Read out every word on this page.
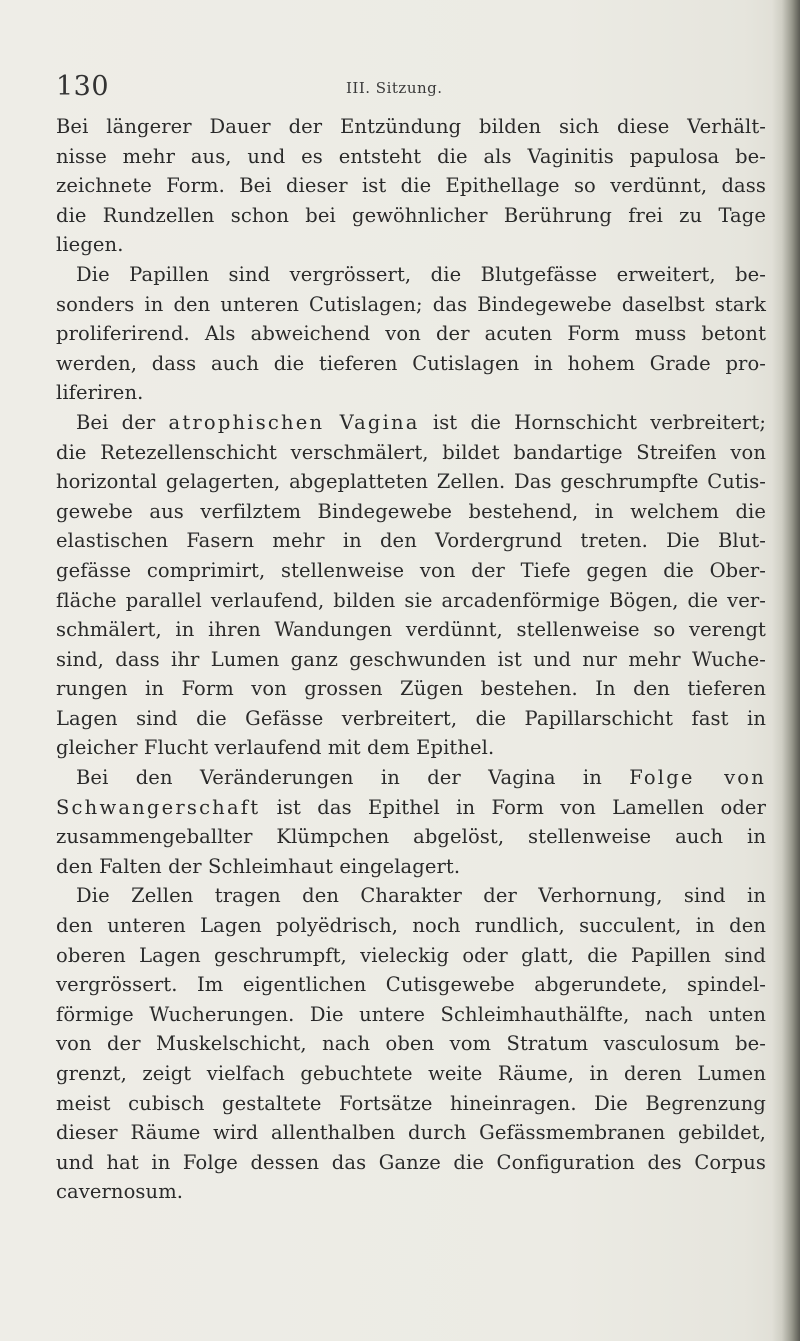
130	III. Sitzung.
Bei längerer Dauer der Entzündung bilden sich diese Verhält-
nisse mehr aus, und es entsteht die als Vaginitis papulosa be-
zeichnete Form. Bei dieser ist die Epithellage so verdünnt, dass
die Rundzellen schon bei gewöhnlicher Berührung frei zu Tage
liegen.
Die Papillen sind vergrössert, die Blutgefässe erweitert, be-
sonders in den unteren Cutislagen; das Bindegewebe daselbst stark
proliferirend. Als abweichend von der acuten Form muss betont
werden, dass auch die tieferen Cutislagen in hohem Grade pro-
liferiren.
Bei der atrophischen Vagina ist die Hornschicht verbreitert;
die Retezellenschicht verschmälert, bildet bandartige Streifen von
horizontal gelagerten, abgeplatteten Zellen. Das geschrumpfte Cutis-
gewebe aus verfilztem Bindegewebe bestehend, in welchem die
elastischen Fasern mehr in den Vordergrund treten. Die Blut-
gefässe comprimirt, stellenweise von der Tiefe gegen die Ober-
fläche parallel verlaufend, bilden sie arcadenförmige Bögen, die ver-
schmälert, in ihren Wandungen verdünnt, stellenweise so verengt
sind, dass ihr Lumen ganz geschwunden ist und nur mehr Wuche-
rungen in Form von grossen Zügen bestehen. In den tieferen
Lagen sind die Gefässe verbreitert, die Papillarschicht fast in
gleicher Flucht verlaufend mit dem Epithel.
Bei den Veränderungen in der Vagina in Folge von
Schwangerschaft ist das Epithel in Form von Lamellen oder
zusammengeballter Klümpchen abgelöst, stellenweise auch in
den Falten der Schleimhaut eingelagert.
Die Zellen tragen den Charakter der Verhornung, sind in
den unteren Lagen polyëdrisch, noch rundlich, succulent, in den
oberen Lagen geschrumpft, vieleckig oder glatt, die Papillen sind
vergrössert. Im eigentlichen Cutisgewebe abgerundete, spindel-
förmige Wucherungen. Die untere Schleimhauthälfte, nach unten
von der Muskelschicht, nach oben vom Stratum vasculosum be-
grenzt, zeigt vielfach gebuchtete weite Räume, in deren Lumen
meist cubisch gestaltete Fortsätze hineinragen. Die Begrenzung
dieser Räume wird allenthalben durch Gefässmembranen gebildet,
und hat in Folge dessen das Ganze die Configuration des Corpus
cavernosum.
